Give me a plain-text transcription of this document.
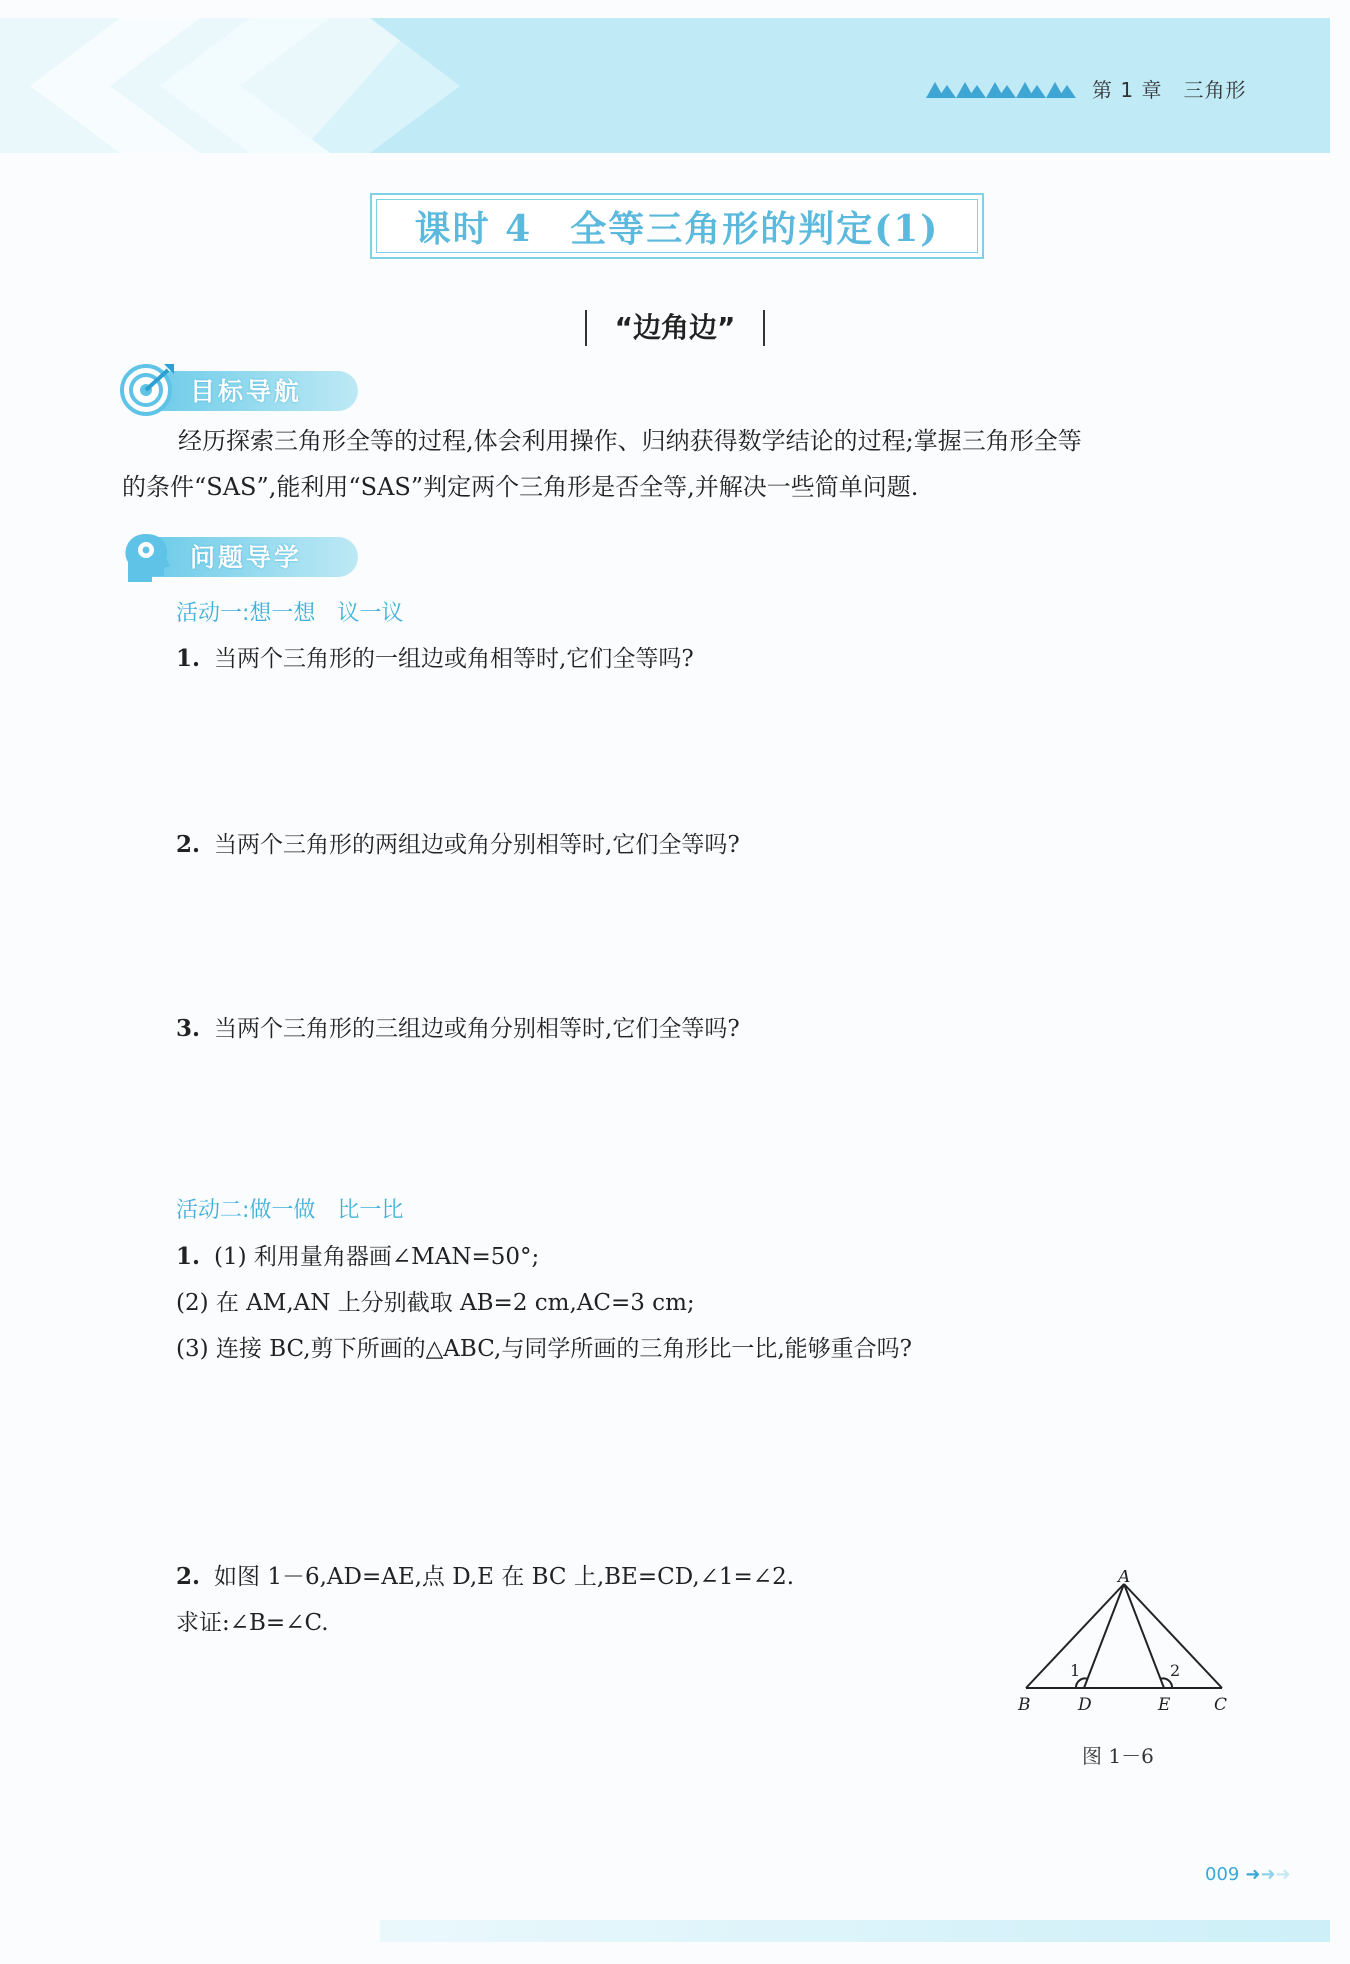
第 1 章　三角形
课时 4　全等三角形的判定(1)
“边角边”
目标导航
经历探索三角形全等的过程,体会利用操作、归纳获得数学结论的过程;掌握三角形全等
的条件“SAS”,能利用“SAS”判定两个三角形是否全等,并解决一些简单问题.
问题导学
活动一:想一想　议一议
1. 当两个三角形的一组边或角相等时,它们全等吗?
2. 当两个三角形的两组边或角分别相等时,它们全等吗?
3. 当两个三角形的三组边或角分别相等时,它们全等吗?
活动二:做一做　比一比
1. (1) 利用量角器画∠MAN=50°;
(2) 在 AM,AN 上分别截取 AB=2 cm,AC=3 cm;
(3) 连接 BC,剪下所画的△ABC,与同学所画的三角形比一比,能够重合吗?
2. 如图 1－6,AD=AE,点 D,E 在 BC 上,BE=CD,∠1=∠2.
求证:∠B=∠C.
A
B	D	E	C
1	2
图 1－6
009 ➜➜➜
